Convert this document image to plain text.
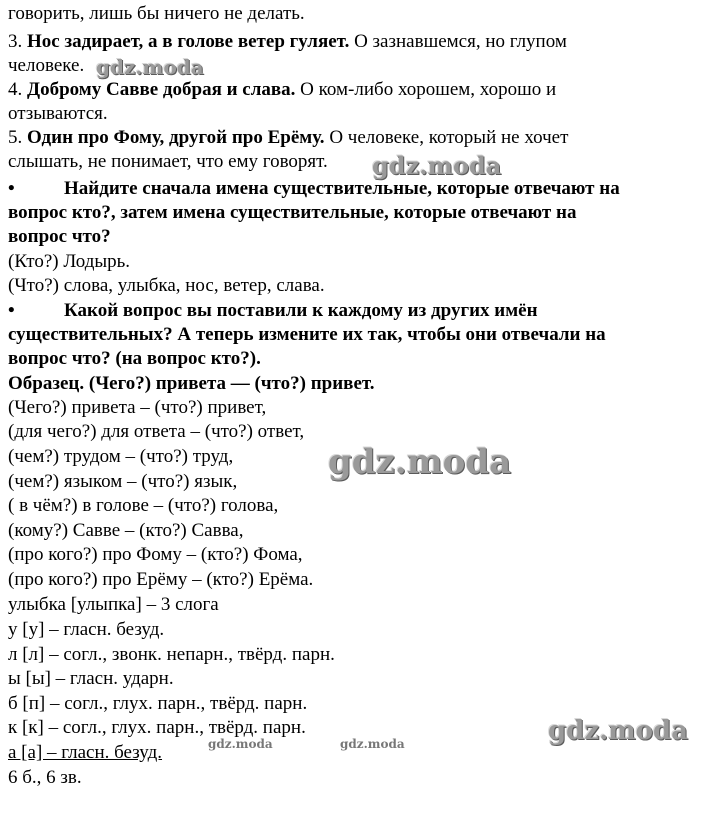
говорить, лишь бы ничего не делать.
3. Нос задирает, а в голове ветер гуляет. О зазнавшемся, но глупом
человеке.
4. Доброму Савве добрая и слава. О ком-либо хорошем, хорошо и
отзываются.
5. Один про Фому, другой про Ерёму. О человеке, который не хочет
слышать, не понимает, что ему говорят.
•	Найдите сначала имена существительные, которые отвечают на
вопрос кто?, затем имена существительные, которые отвечают на
вопрос что?
(Кто?) Лодырь.
(Что?) слова, улыбка, нос, ветер, слава.
•	Какой вопрос вы поставили к каждому из других имён
существительных? А теперь измените их так, чтобы они отвечали на
вопрос что? (на вопрос кто?).
Образец. (Чего?) привета — (что?) привет.
(Чего?) привета – (что?) привет,
(для чего?) для ответа – (что?) ответ,
(чем?) трудом – (что?) труд,
(чем?) языком – (что?) язык,
( в чём?) в голове – (что?) голова,
(кому?) Савве – (кто?) Савва,
(про кого?) про Фому – (кто?) Фома,
(про кого?) про Ерёму – (кто?) Ерёма.
улыбка [улыпка] – 3 слога
у [у] – гласн. безуд.
л [л] – согл., звонк. непарн., твёрд. парн.
ы [ы] – гласн. ударн.
б [п] – согл., глух. парн., твёрд. парн.
к [к] – согл., глух. парн., твёрд. парн.
а [а] – гласн. безуд.
6 б., 6 зв.
gdz.moda
gdz.moda
gdz.moda
gdz.moda
gdz.moda	gdz.moda
